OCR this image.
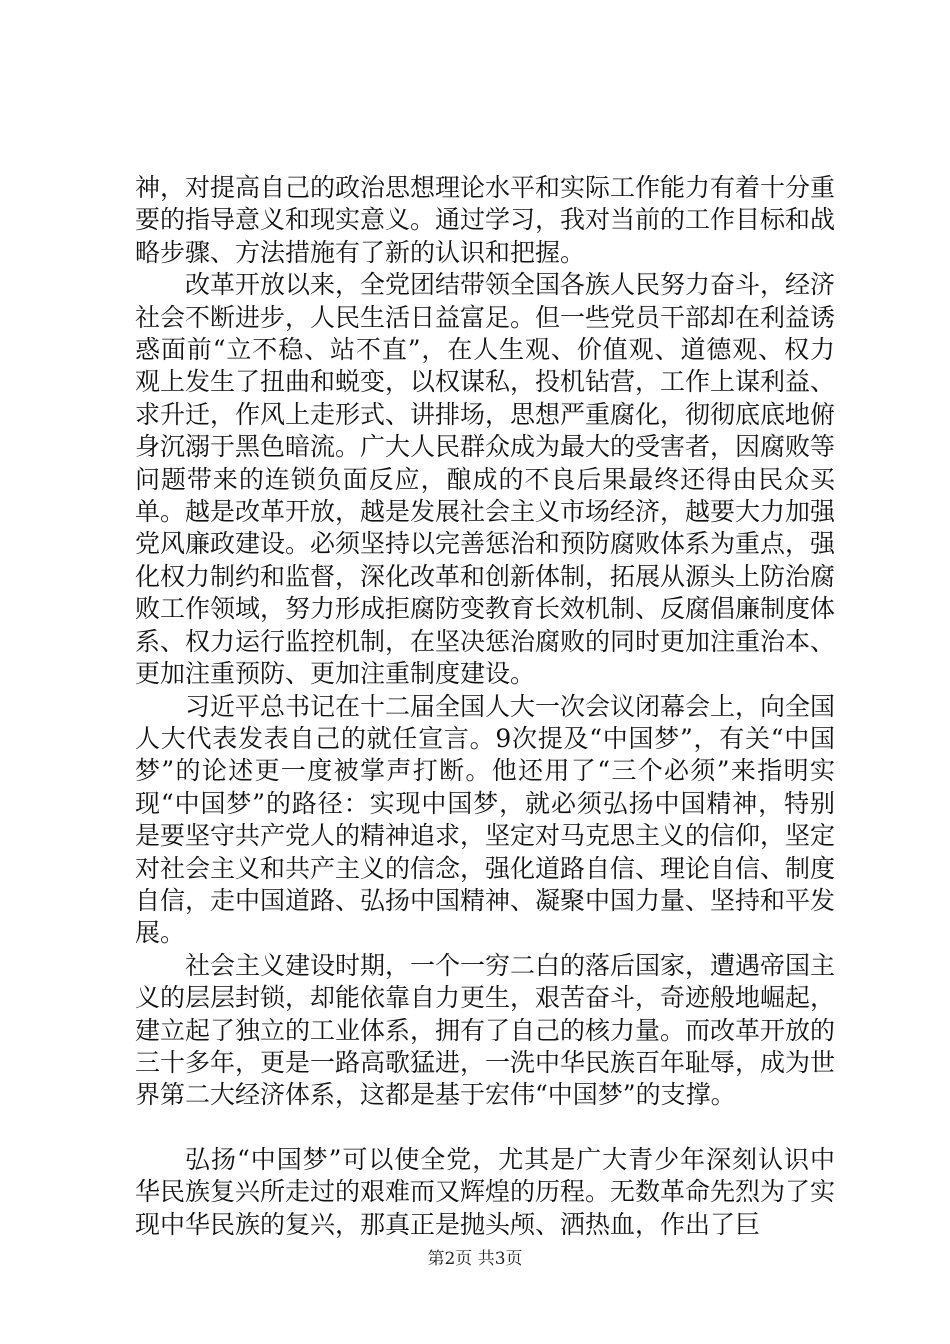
神，对提高自己的政治思想理论水平和实际工作能力有着十分重要的指导意义和现实意义。通过学习，我对当前的工作目标和战略步骤、方法措施有了新的认识和把握。

改革开放以来，全党团结带领全国各族人民努力奋斗，经济社会不断进步，人民生活日益富足。但一些党员干部却在利益诱惑面前“立不稳、站不直”，在人生观、价值观、道德观、权力观上发生了扭曲和蜕变，以权谋私，投机钻营，工作上谋利益、求升迁，作风上走形式、讲排场，思想严重腐化，彻彻底底地俯身沉溺于黑色暗流。广大人民群众成为最大的受害者，因腐败等问题带来的连锁负面反应，酿成的不良后果最终还得由民众买单。越是改革开放，越是发展社会主义市场经济，越要大力加强党风廉政建设。必须坚持以完善惩治和预防腐败体系为重点，强化权力制约和监督，深化改革和创新体制，拓展从源头上防治腐败工作领域，努力形成拒腐防变教育长效机制、反腐倡廉制度体系、权力运行监控机制，在坚决惩治腐败的同时更加注重治本、更加注重预防、更加注重制度建设。

习近平总书记在十二届全国人大一次会议闭幕会上，向全国人大代表发表自己的就任宣言。9次提及“中国梦”，有关“中国梦”的论述更一度被掌声打断。他还用了“三个必须”来指明实现“中国梦”的路径：实现中国梦，就必须弘扬中国精神，特别是要坚守共产党人的精神追求，坚定对马克思主义的信仰，坚定对社会主义和共产主义的信念，强化道路自信、理论自信、制度自信，走中国道路、弘扬中国精神、凝聚中国力量、坚持和平发展。

社会主义建设时期，一个一穷二白的落后国家，遭遇帝国主义的层层封锁，却能依靠自力更生，艰苦奋斗，奇迹般地崛起，建立起了独立的工业体系，拥有了自己的核力量。而改革开放的三十多年，更是一路高歌猛进，一洗中华民族百年耻辱，成为世界第二大经济体系，这都是基于宏伟“中国梦”的支撑。

弘扬“中国梦”可以使全党，尤其是广大青少年深刻认识中华民族复兴所走过的艰难而又辉煌的历程。无数革命先烈为了实现中华民族的复兴，那真正是抛头颅、洒热血，作出了巨

第2页 共3页
